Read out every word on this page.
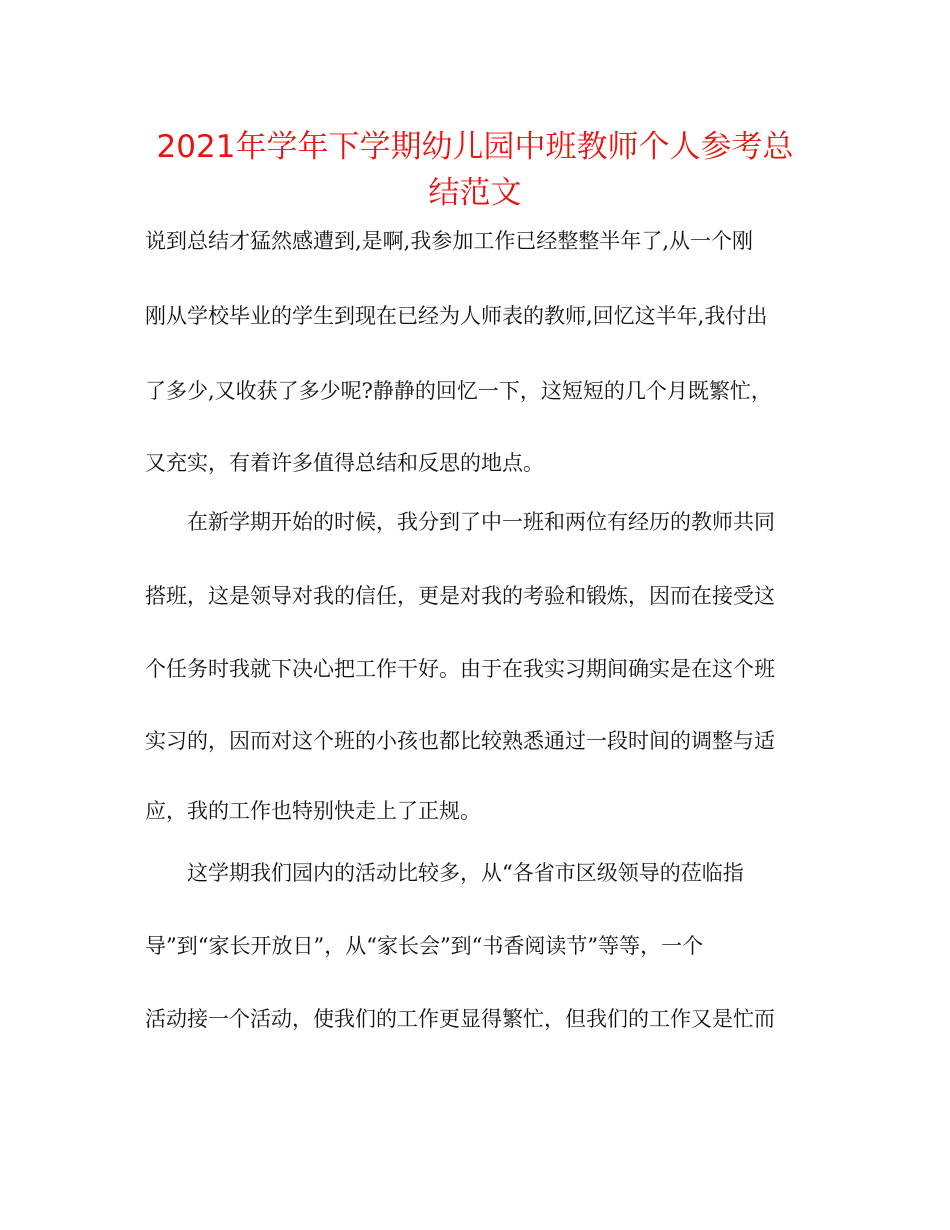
2021年学年下学期幼儿园中班教师个人参考总
结范文

说到总结才猛然感遭到,是啊,我参加工作已经整整半年了,从一个刚

刚从学校毕业的学生到现在已经为人师表的教师,回忆这半年,我付出

了多少,又收获了多少呢?静静的回忆一下，这短短的几个月既繁忙，

又充实，有着许多值得总结和反思的地点。

　　在新学期开始的时候，我分到了中一班和两位有经历的教师共同

搭班，这是领导对我的信任，更是对我的考验和锻炼，因而在接受这

个任务时我就下决心把工作干好。由于在我实习期间确实是在这个班

实习的，因而对这个班的小孩也都比较熟悉通过一段时间的调整与适

应，我的工作也特别快走上了正规。

　　这学期我们园内的活动比较多，从“各省市区级领导的莅临指

导”到“家长开放日”，从“家长会”到“书香阅读节”等等，一个

活动接一个活动，使我们的工作更显得繁忙，但我们的工作又是忙而
